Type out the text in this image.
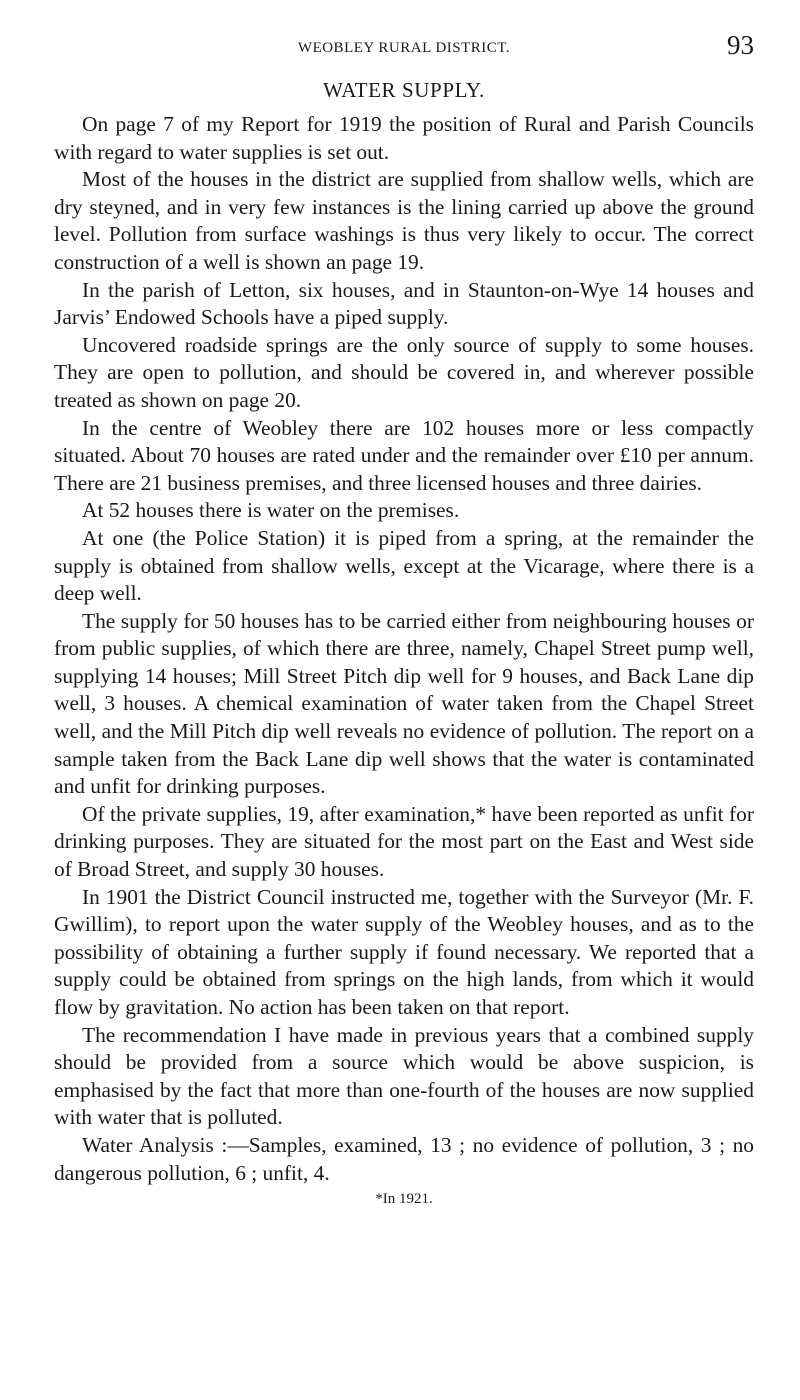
WEOBLEY RURAL DISTRICT.	93
WATER SUPPLY.

On page 7 of my Report for 1919 the position of Rural and Parish Councils with regard to water supplies is set out.

Most of the houses in the district are supplied from shallow wells, which are dry steyned, and in very few instances is the lining carried up above the ground level. Pollution from surface washings is thus very likely to occur. The correct construction of a well is shown an page 19.

In the parish of Letton, six houses, and in Staunton-on-Wye 14 houses and Jarvis’ Endowed Schools have a piped supply.

Uncovered roadside springs are the only source of supply to some houses. They are open to pollution, and should be covered in, and wherever possible treated as shown on page 20.

In the centre of Weobley there are 102 houses more or less compactly situated. About 70 houses are rated under and the remainder over £10 per annum. There are 21 business premises, and three licensed houses and three dairies.

At 52 houses there is water on the premises.

At one (the Police Station) it is piped from a spring, at the remainder the supply is obtained from shallow wells, except at the Vicarage, where there is a deep well.

The supply for 50 houses has to be carried either from neighbouring houses or from public supplies, of which there are three, namely, Chapel Street pump well, supplying 14 houses; Mill Street Pitch dip well for 9 houses, and Back Lane dip well, 3 houses. A chemical examination of water taken from the Chapel Street well, and the Mill Pitch dip well reveals no evidence of pollution. The report on a sample taken from the Back Lane dip well shows that the water is contaminated and unfit for drinking purposes.

Of the private supplies, 19, after examination,* have been reported as unfit for drinking purposes. They are situated for the most part on the East and West side of Broad Street, and supply 30 houses.

In 1901 the District Council instructed me, together with the Surveyor (Mr. F. Gwillim), to report upon the water supply of the Weobley houses, and as to the possibility of obtaining a further supply if found necessary. We reported that a supply could be obtained from springs on the high lands, from which it would flow by gravitation. No action has been taken on that report.

The recommendation I have made in previous years that a combined supply should be provided from a source which would be above suspicion, is emphasised by the fact that more than one-fourth of the houses are now supplied with water that is polluted.

Water Analysis :—Samples, examined, 13 ; no evidence of pollution, 3 ; no dangerous pollution, 6 ; unfit, 4.

*In 1921.
